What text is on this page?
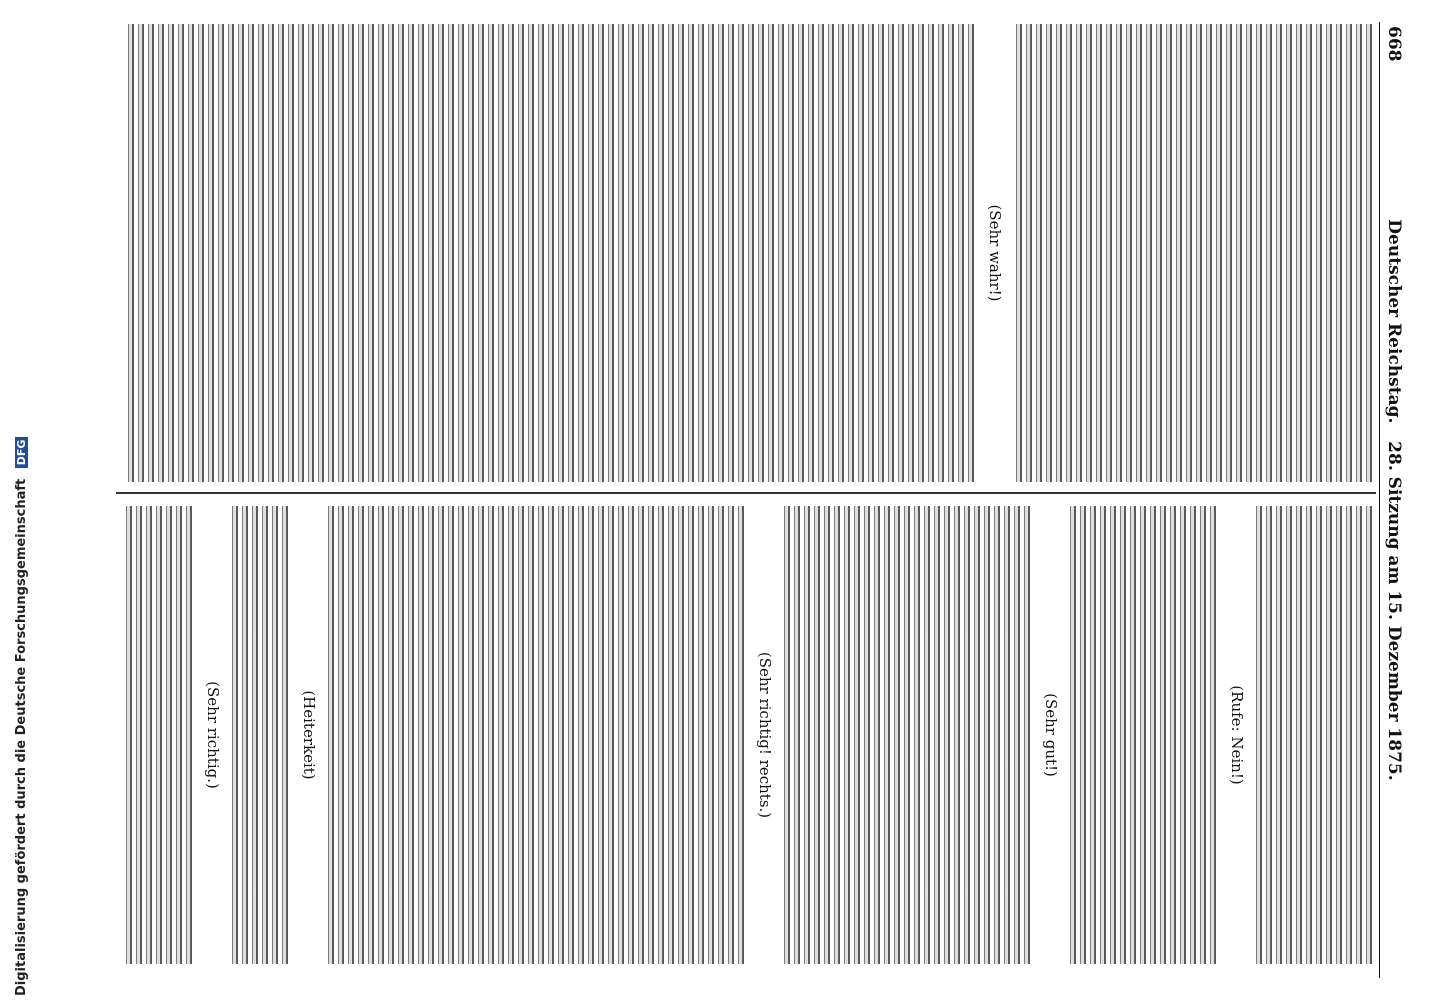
668
Deutscher Reichstag.   28. Sitzung am 15. Dezember 1875.
(Sehr wahr!)
(Rufe: Nein!)
(Sehr gut!)
(Sehr richtig! rechts.)
(Heiterkeit)
(Sehr richtig.)
Digitalisierung gefördert durch die Deutsche Forschungsgemeinschaft DFG
